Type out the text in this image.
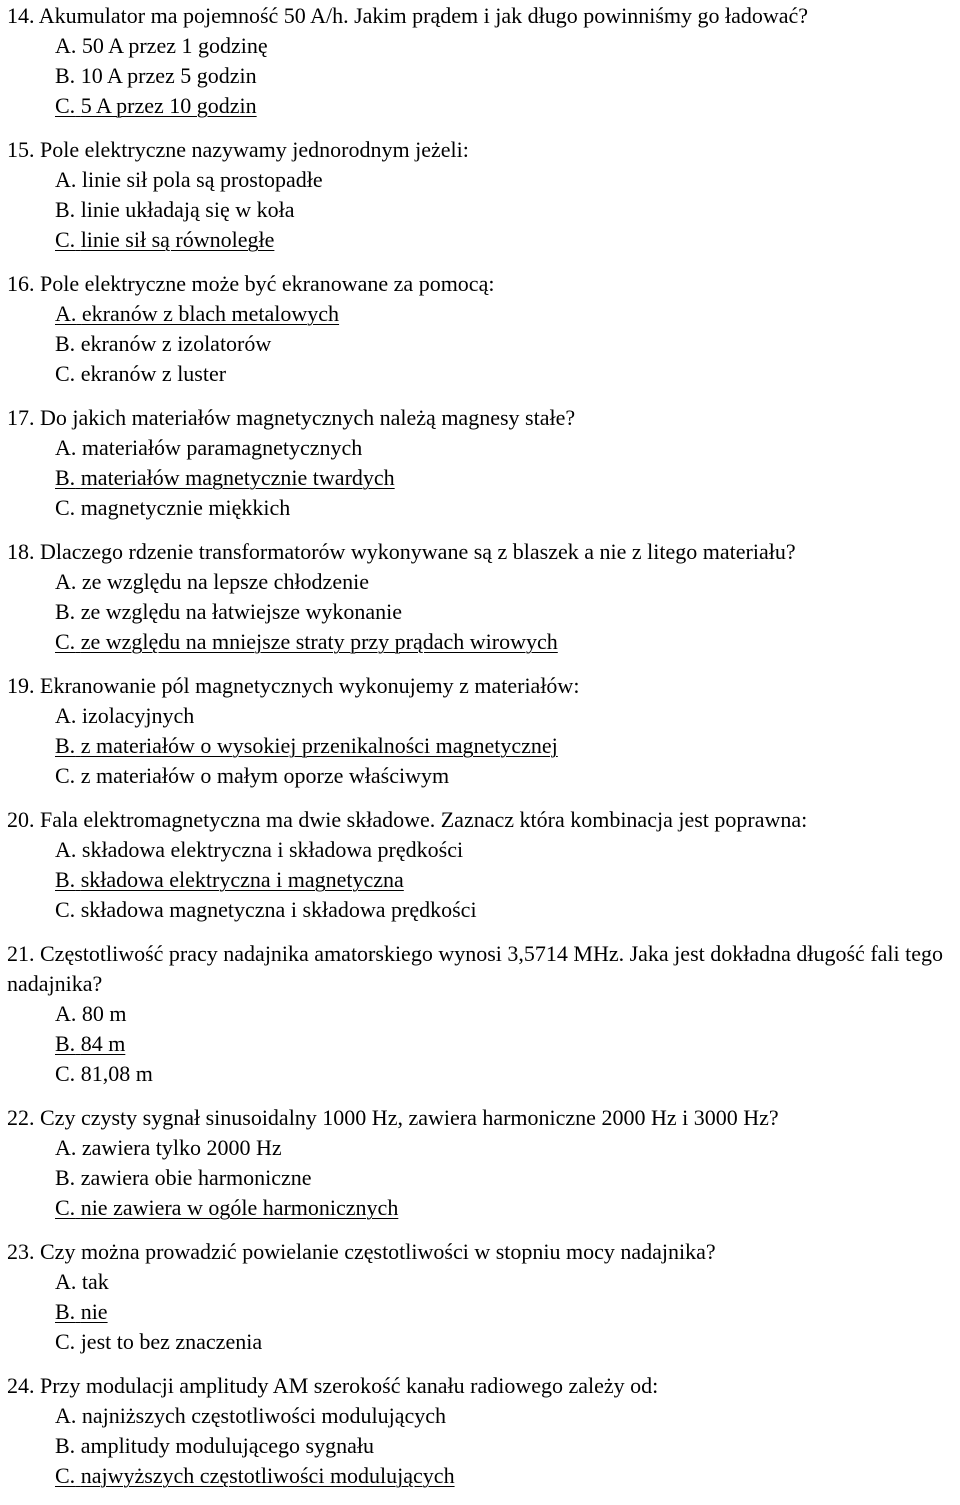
14. Akumulator ma pojemność 50 A/h. Jakim prądem i jak długo powinniśmy go ładować?

A. 50 A przez 1 godzinę
B. 10 A przez 5 godzin
C. 5 A przez 10 godzin

15. Pole elektryczne nazywamy jednorodnym jeżeli:

A. linie sił pola są prostopadłe
B. linie układają się w koła
C. linie sił są równoległe

16. Pole elektryczne może być ekranowane za pomocą:

A. ekranów z blach metalowych
B. ekranów z izolatorów
C. ekranów z luster

17. Do jakich materiałów magnetycznych należą magnesy stałe?

A. materiałów paramagnetycznych
B. materiałów magnetycznie twardych
C. magnetycznie miękkich

18. Dlaczego rdzenie transformatorów wykonywane są z blaszek a nie z litego materiału?

A. ze względu na lepsze chłodzenie
B. ze względu na łatwiejsze wykonanie
C. ze względu na mniejsze straty przy prądach wirowych

19. Ekranowanie pól magnetycznych wykonujemy z materiałów:

A. izolacyjnych
B. z materiałów o wysokiej przenikalności magnetycznej
C. z materiałów o małym oporze właściwym

20. Fala elektromagnetyczna ma dwie składowe. Zaznacz która kombinacja jest poprawna:

A. składowa elektryczna i składowa prędkości
B. składowa elektryczna i magnetyczna
C. składowa magnetyczna i składowa prędkości

21. Częstotliwość pracy nadajnika amatorskiego wynosi 3,5714 MHz. Jaka jest dokładna długość fali tego nadajnika?

A. 80 m
B. 84 m
C. 81,08 m

22. Czy czysty sygnał sinusoidalny 1000 Hz, zawiera harmoniczne 2000 Hz i 3000 Hz?

A. zawiera tylko 2000 Hz
B. zawiera obie harmoniczne
C. nie zawiera w ogóle harmonicznych

23. Czy można prowadzić powielanie częstotliwości w stopniu mocy nadajnika?

A. tak
B. nie
C. jest to bez znaczenia

24. Przy modulacji amplitudy AM szerokość kanału radiowego zależy od:

A. najniższych częstotliwości modulujących
B. amplitudy modulującego sygnału
C. najwyższych częstotliwości modulujących
